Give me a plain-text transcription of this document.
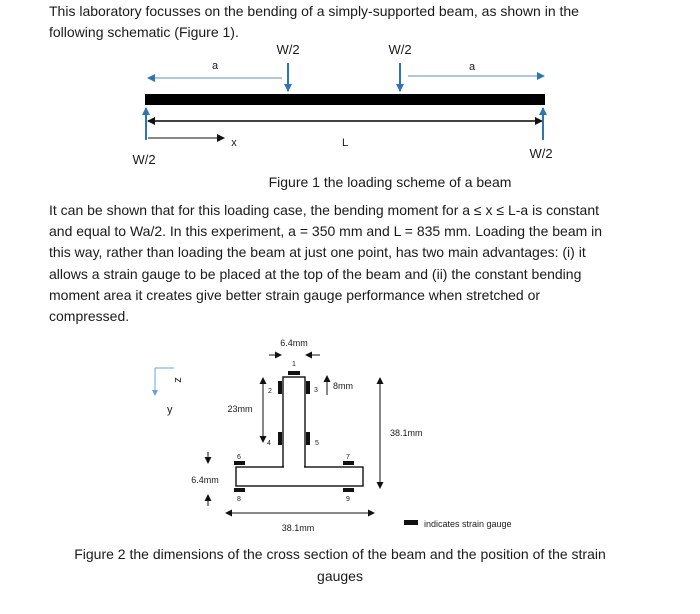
This laboratory focusses on the bending of a simply-supported beam, as shown in the following schematic (Figure 1).

W/2	W/2
a	a
L
x
W/2	W/2

Figure 1 the loading scheme of a beam

It can be shown that for this loading case, the bending moment for a ≤ x ≤ L-a is constant and equal to Wa/2. In this experiment, a = 350 mm and L = 835 mm. Loading the beam in this way, rather than loading the beam at just one point, has two main advantages: (i) it allows a strain gauge to be placed at the top of the beam and (ii) the constant bending moment area it creates give better strain gauge performance when stretched or compressed.

z
y
6.4mm
1
2	3
4	5
6	7
8	9
8mm
23mm
38.1mm
6.4mm
38.1mm	indicates strain gauge

Figure 2 the dimensions of the cross section of the beam and the position of the strain gauges
